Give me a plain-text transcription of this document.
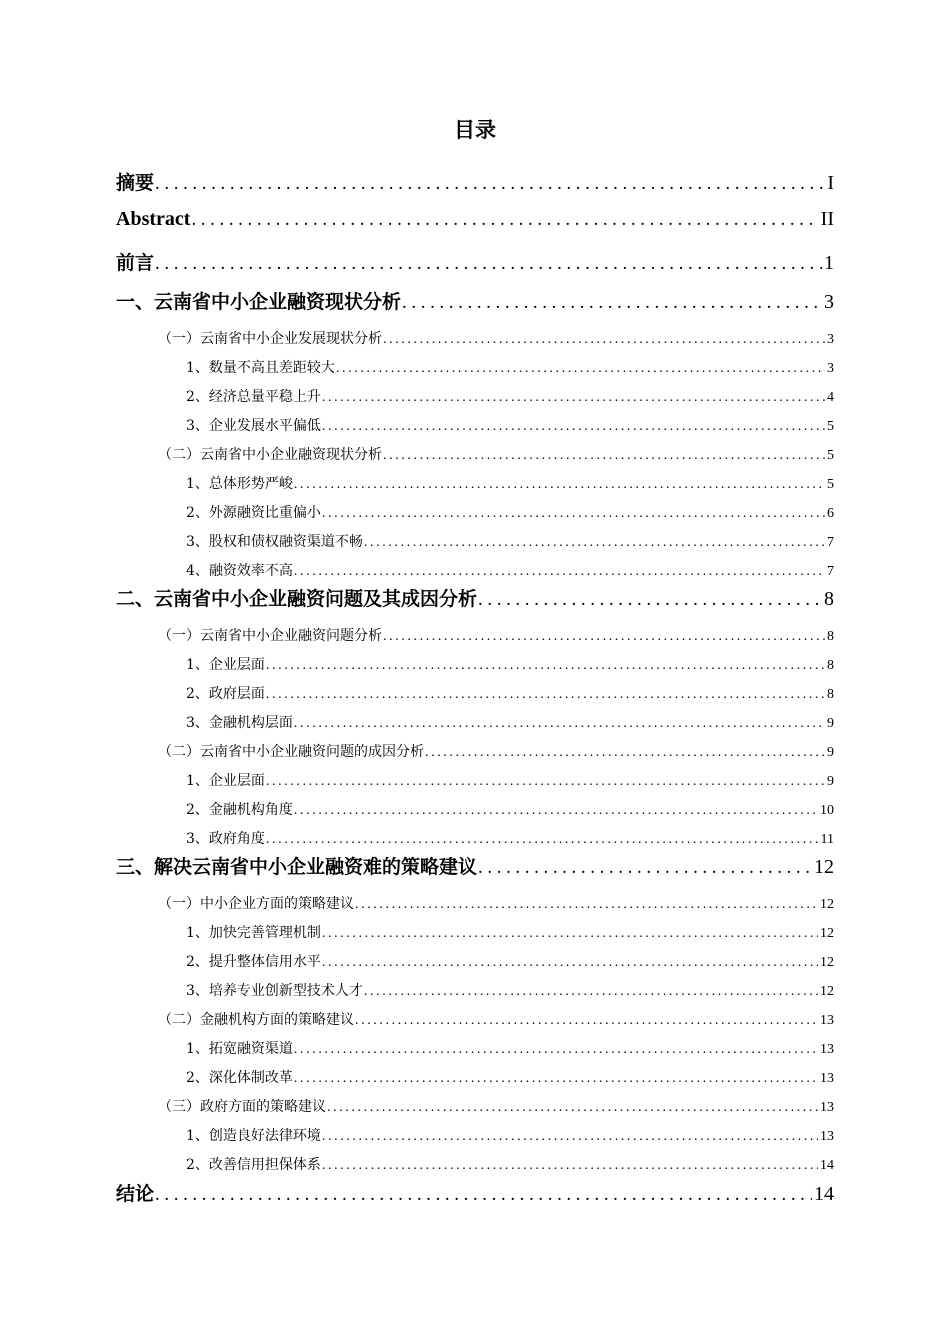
目录
摘要 .....	I
Abstract .....	II
前言 .....	1
一、云南省中小企业融资现状分析 .....	3
（一）云南省中小企业发展现状分析 .....	3
1、数量不高且差距较大 .....	3
2、经济总量平稳上升 .....	4
3、企业发展水平偏低 .....	5
（二）云南省中小企业融资现状分析 .....	5
1、总体形势严峻 .....	5
2、外源融资比重偏小 .....	6
3、股权和债权融资渠道不畅 .....	7
4、融资效率不高 .....	7
二、云南省中小企业融资问题及其成因分析 .....	8
（一）云南省中小企业融资问题分析 .....	8
1、企业层面 .....	8
2、政府层面 .....	8
3、金融机构层面 .....	9
（二）云南省中小企业融资问题的成因分析 .....	9
1、企业层面 .....	9
2、金融机构角度 .....	10
3、政府角度 .....	11
三、解决云南省中小企业融资难的策略建议 .....	12
（一）中小企业方面的策略建议 .....	12
1、加快完善管理机制 .....	12
2、提升整体信用水平 .....	12
3、培养专业创新型技术人才 .....	12
（二）金融机构方面的策略建议 .....	13
1、拓宽融资渠道 .....	13
2、深化体制改革 .....	13
（三）政府方面的策略建议 .....	13
1、创造良好法律环境 .....	13
2、改善信用担保体系 .....	14
结论 .....	14
